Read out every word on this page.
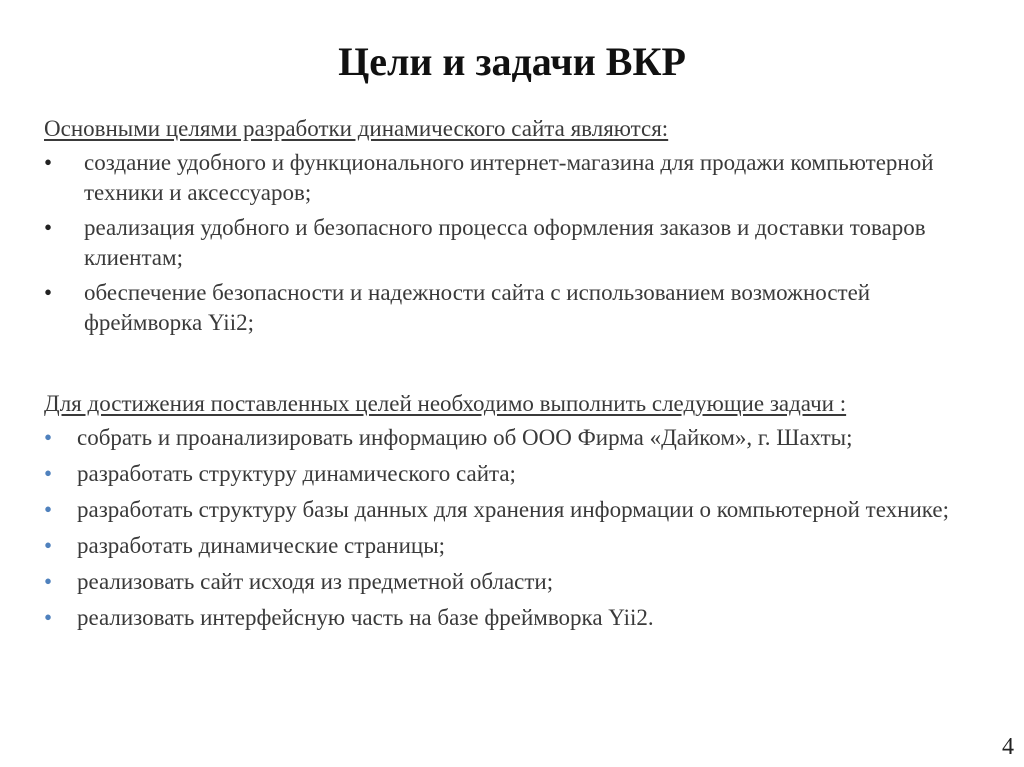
Цели и задачи ВКР

Основными целями разработки динамического сайта являются:

• создание удобного и функционального интернет-магазина для продажи компьютерной техники и аксессуаров;
• реализация удобного и безопасного процесса оформления заказов и доставки товаров клиентам;
• обеспечение безопасности и надежности сайта с использованием возможностей фреймворка Yii2;

Для достижения поставленных целей необходимо выполнить следующие задачи :

• собрать и проанализировать информацию об ООО Фирма «Дайком», г. Шахты;
• разработать структуру динамического сайта;
• разработать структуру базы данных для хранения информации о компьютерной технике;
• разработать динамические страницы;
• реализовать сайт исходя из предметной области;
• реализовать интерфейсную часть на базе фреймворка Yii2.
4
